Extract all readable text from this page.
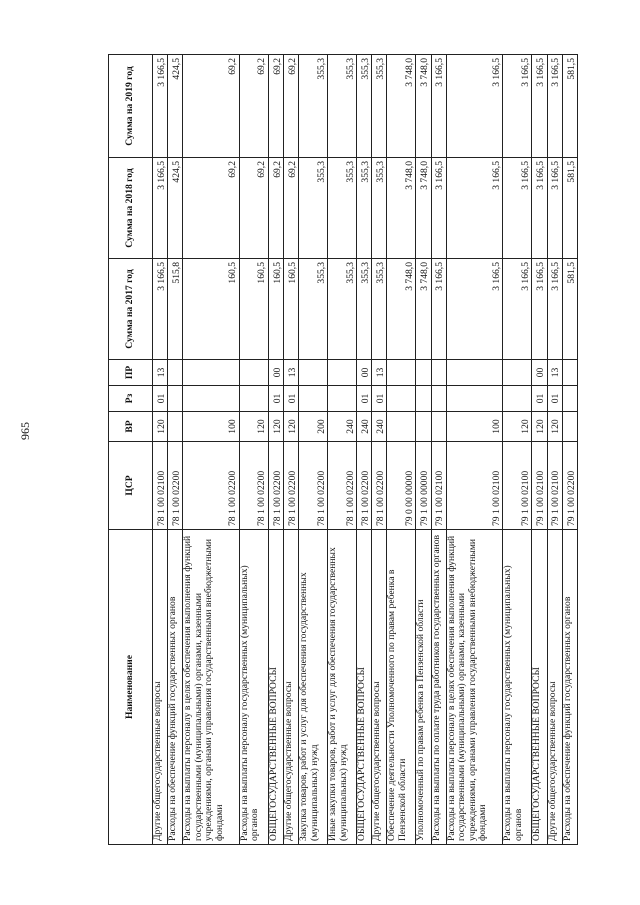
965
Наименование	ЦСР	ВР	Рз	ПР	Сумма на 2017 год	Сумма на 2018 год	Сумма на 2019 год
Другие общегосударственные вопросы	78 1 00 02100	120	01	13	3 166,5	3 166,5	3 166,5
Расходы на обеспечение функций государственных органов	78 1 00 02200				515,8	424,5	424,5
Расходы на выплаты персоналу в целях обеспечения выполнения функций государственными (муниципальными) органами, казенными учреждениями, органами управления государственными внебюджетными фондами	78 1 00 02200	100			160,5	69,2	69,2
Расходы на выплаты персоналу государственных (муниципальных) органов	78 1 00 02200	120			160,5	69,2	69,2
ОБЩЕГОСУДАРСТВЕННЫЕ ВОПРОСЫ	78 1 00 02200	120	01	00	160,5	69,2	69,2
Другие общегосударственные вопросы	78 1 00 02200	120	01	13	160,5	69,2	69,2
Закупка товаров, работ и услуг для обеспечения государственных (муниципальных) нужд	78 1 00 02200	200			355,3	355,3	355,3
Иные закупки товаров, работ и услуг для обеспечения государственных (муниципальных) нужд	78 1 00 02200	240			355,3	355,3	355,3
ОБЩЕГОСУДАРСТВЕННЫЕ ВОПРОСЫ	78 1 00 02200	240	01	00	355,3	355,3	355,3
Другие общегосударственные вопросы	78 1 00 02200	240	01	13	355,3	355,3	355,3
Обеспечение деятельности Уполномоченного по правам ребенка в Пензенской области	79 0 00 00000				3 748,0	3 748,0	3 748,0
Уполномоченный по правам ребенка в Пензенской области	79 1 00 00000				3 748,0	3 748,0	3 748,0
Расходы на выплаты по оплате труда работников государственных органов	79 1 00 02100				3 166,5	3 166,5	3 166,5
Расходы на выплаты персоналу в целях обеспечения выполнения функций государственными (муниципальными) органами, казенными учреждениями, органами управления государственными внебюджетными фондами	79 1 00 02100	100			3 166,5	3 166,5	3 166,5
Расходы на выплаты персоналу государственных (муниципальных) органов	79 1 00 02100	120			3 166,5	3 166,5	3 166,5
ОБЩЕГОСУДАРСТВЕННЫЕ ВОПРОСЫ	79 1 00 02100	120	01	00	3 166,5	3 166,5	3 166,5
Другие общегосударственные вопросы	79 1 00 02100	120	01	13	3 166,5	3 166,5	3 166,5
Расходы на обеспечение функций государственных органов	79 1 00 02200				581,5	581,5	581,5
